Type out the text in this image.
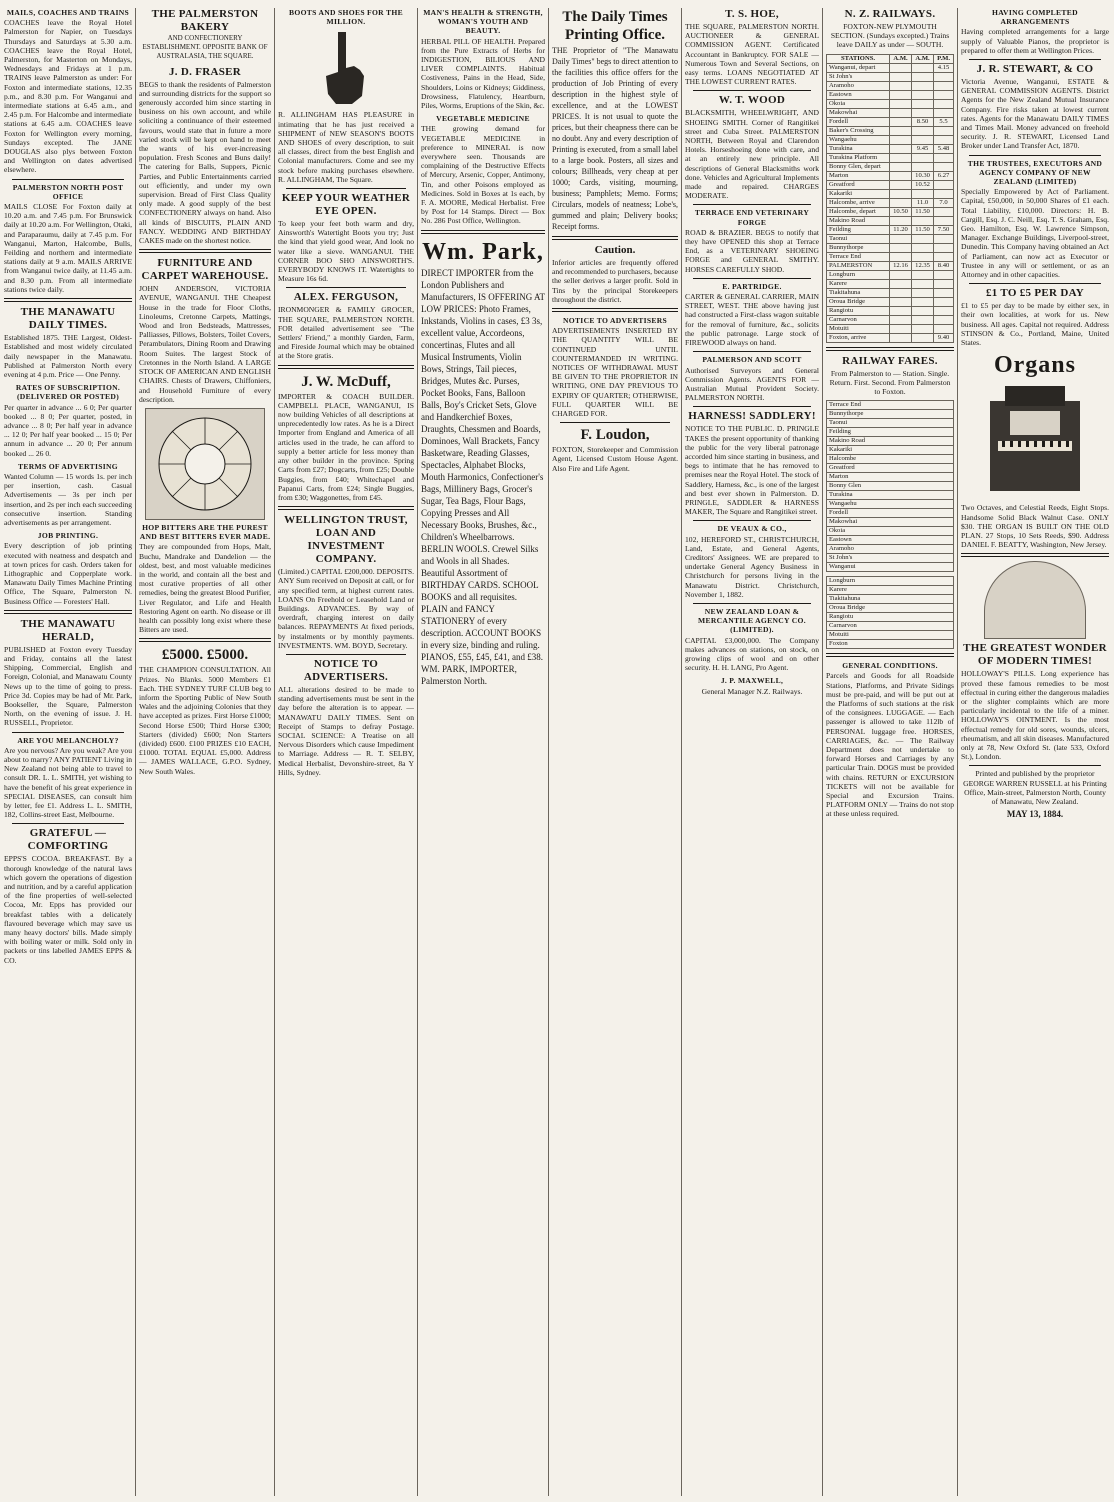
MAILS, COACHES AND TRAINS
COACHES leave the Royal Hotel Palmerston for Napier, on Tuesdays Thursdays and Saturdays at 5.30 a.m. COACHES leave the Royal Hotel, Palmerston, for Masterton on Mondays, Wednesdays and Fridays at 1 p.m. TRAINS leave Palmerston as under: For Foxton and intermediate stations, 12.35 p.m., and 8.30 p.m. For Wanganui and intermediate stations at 6.45 a.m., and 2.45 p.m. For Halcombe and intermediate stations at 6.45 a.m. COACHES leave Foxton for Wellington every morning, Sundays excepted. The JANE DOUGLAS also plys between Foxton and Wellington on dates advertised elsewhere.
PALMERSTON NORTH POST OFFICE
MAILS CLOSE For Foxton daily at 10.20 a.m. and 7.45 p.m. For Brunswick daily at 10.20 a.m. For Wellington, Otaki, and Paraparaumu, daily at 7.45 p.m. For Wanganui, Marton, Halcombe, Bulls, Feilding and northern and intermediate stations daily at 9 a.m. MAILS ARRIVE from Wanganui twice daily, at 11.45 a.m. and 8.30 p.m. From all intermediate stations twice daily.
THE MANAWATU DAILY TIMES.
Established 1875. THE Largest, Oldest-Established and most widely circulated daily newspaper in the Manawatu. Published at Palmerston North every evening at 4 p.m. Price — One Penny.
RATES OF SUBSCRIPTION. (DELIVERED OR POSTED)
Per quarter in advance ... 6 0; Per quarter booked ... 8 0; Per quarter, posted, in advance ... 8 0; Per half year in advance ... 12 0; Per half year booked ... 15 0; Per annum in advance ... 20 0; Per annum booked ... 26 0.
TERMS OF ADVERTISING
Wanted Column — 15 words 1s. per inch per insertion, cash. Casual Advertisements — 3s per inch per insertion, and 2s per inch each succeeding consecutive insertion. Standing advertisements as per arrangement.
JOB PRINTING.
Every description of job printing executed with neatness and despatch and at town prices for cash. Orders taken for Lithographic and Copperplate work. Manawatu Daily Times Machine Printing Office, The Square, Palmerston N. Business Office — Foresters' Hall.
THE MANAWATU HERALD,
PUBLISHED at Foxton every Tuesday and Friday, contains all the latest Shipping, Commercial, English and Foreign, Colonial, and Manawatu County News up to the time of going to press. Price 3d. Copies may be had of Mr. Park, Bookseller, the Square, Palmerston North, on the evening of issue. J. H. RUSSELL, Proprietor.
ARE YOU MELANCHOLY?
Are you nervous? Are you weak? Are you about to marry? ANY PATIENT Living in New Zealand not being able to travel to consult DR. L. L. SMITH, yet wishing to have the benefit of his great experience in SPECIAL DISEASES, can consult him by letter, fee £1. Address L. L. SMITH, 182, Collins-street East, Melbourne.
GRATEFUL — COMFORTING
EPPS'S COCOA. BREAKFAST. By a thorough knowledge of the natural laws which govern the operations of digestion and nutrition, and by a careful application of the fine properties of well-selected Cocoa, Mr. Epps has provided our breakfast tables with a delicately flavoured beverage which may save us many heavy doctors' bills. Made simply with boiling water or milk. Sold only in packets or tins labelled JAMES EPPS & CO.
THE PALMERSTON BAKERY
AND CONFECTIONERY ESTABLISHMENT. OPPOSITE BANK OF AUSTRALASIA, THE SQUARE.
J. D. FRASER
BEGS to thank the residents of Palmerston and surrounding districts for the support so generously accorded him since starting in business on his own account, and while soliciting a continuance of their esteemed favours, would state that in future a more varied stock will be kept on hand to meet the wants of his ever-increasing population. Fresh Scones and Buns daily! The catering for Balls, Suppers, Picnic Parties, and Public Entertainments carried out efficiently, and under my own supervision. Bread of First Class Quality only made. A good supply of the best CONFECTIONERY always on hand. Also all kinds of BISCUITS, PLAIN AND FANCY. WEDDING AND BIRTHDAY CAKES made on the shortest notice.
FURNITURE AND CARPET WAREHOUSE.
JOHN ANDERSON, VICTORIA AVENUE, WANGANUI. THE Cheapest House in the trade for Floor Cloths, Linoleums, Cretonne Carpets, Mattings, Wood and Iron Bedsteads, Mattresses, Palliasses, Pillows, Bolsters, Toilet Covers, Perambulators, Dining Room and Drawing Room Suites. The largest Stock of Cretonnes in the North Island. A LARGE STOCK OF AMERICAN AND ENGLISH CHAIRS. Chests of Drawers, Chiffoniers, and Household Furniture of every description.
HOP BITTERS ARE THE PUREST AND BEST BITTERS EVER MADE.
They are compounded from Hops, Malt, Buchu, Mandrake and Dandelion — the oldest, best, and most valuable medicines in the world, and contain all the best and most curative properties of all other remedies, being the greatest Blood Purifier, Liver Regulator, and Life and Health Restoring Agent on earth. No disease or ill health can possibly long exist where these Bitters are used.
£5000. £5000.
THE CHAMPION CONSULTATION. All Prizes. No Blanks. 5000 Members £1 Each. THE SYDNEY TURF CLUB beg to inform the Sporting Public of New South Wales and the adjoining Colonies that they have accepted as prizes. First Horse £1000; Second Horse £500; Third Horse £300; Starters (divided) £600; Non Starters (divided) £600. £100 PRIZES £10 EACH, £1000. TOTAL EQUAL £5,000. Address — JAMES WALLACE, G.P.O. Sydney, New South Wales.
BOOTS AND SHOES FOR THE MILLION.
R. ALLINGHAM HAS PLEASURE in intimating that he has just received a SHIPMENT of NEW SEASON'S BOOTS AND SHOES of every description, to suit all classes, direct from the best English and Colonial manufacturers. Come and see my stock before making purchases elsewhere. R. ALLINGHAM, The Square.
KEEP YOUR WEATHER EYE OPEN.
To keep your feet both warm and dry, Ainsworth's Watertight Boots you try; Just the kind that yield good wear, And look no water like a sieve. WANGANUI. THE CORNER BOO SHO AINSWORTH'S. EVERYBODY KNOWS IT. Watertights to Measure 16s 6d.
ALEX. FERGUSON,
IRONMONGER & FAMILY GROCER, THE SQUARE, PALMERSTON NORTH. FOR detailed advertisement see "The Settlers' Friend," a monthly Garden, Farm, and Fireside Journal which may be obtained at the Store gratis.
J. W. McDuff,
IMPORTER & COACH BUILDER. CAMPBELL PLACE, WANGANUI, IS now building Vehicles of all descriptions at unprecedentedly low rates. As he is a Direct Importer from England and America of all articles used in the trade, he can afford to supply a better article for less money than any other builder in the province. Spring Carts from £27; Dogcarts, from £25; Double Buggies, from £40; Whitechapel and Papanui Carts, from £24; Single Buggies, from £30; Waggonettes, from £45.
WELLINGTON TRUST, LOAN AND INVESTMENT COMPANY.
(Limited.) CAPITAL £200,000. DEPOSITS. ANY Sum received on Deposit at call, or for any specified term, at highest current rates. LOANS On Freehold or Leasehold Land or Buildings. ADVANCES. By way of overdraft, charging interest on daily balances. REPAYMENTS At fixed periods, by instalments or by monthly payments. INVESTMENTS. WM. BOYD, Secretary.
NOTICE TO ADVERTISERS.
ALL alterations desired to be made to standing advertisements must be sent in the day before the alteration is to appear. — MANAWATU DAILY TIMES. Sent on Receipt of Stamps to defray Postage. SOCIAL SCIENCE: A Treatise on all Nervous Disorders which cause Impediment to Marriage. Address — R. T. SELBY, Medical Herbalist, Devonshire-street, 8a Y Hills, Sydney.
MAN'S HEALTH & STRENGTH, WOMAN'S YOUTH AND BEAUTY.
HERBAL PILL OF HEALTH. Prepared from the Pure Extracts of Herbs for INDIGESTION, BILIOUS AND LIVER COMPLAINTS. Habitual Costiveness, Pains in the Head, Side, Shoulders, Loins or Kidneys; Giddiness, Drowsiness, Flatulency, Heartburn, Piles, Worms, Eruptions of the Skin, &c.
VEGETABLE MEDICINE
THE growing demand for VEGETABLE MEDICINE in preference to MINERAL is now everywhere seen. Thousands are complaining of the Destructive Effects of Mercury, Arsenic, Copper, Antimony, Tin, and other Poisons employed as Medicines. Sold in Boxes at 1s each, by F. A. MOORE, Medical Herbalist. Free by Post for 14 Stamps. Direct — Box No. 286 Post Office, Wellington.
Wm. Park,
DIRECT IMPORTER from the London Publishers and Manufacturers, IS OFFERING AT LOW PRICES: Photo Frames, Inkstands, Violins in cases, £3 3s, excellent value, Accordeons, concertinas, Flutes and all Musical Instruments, Violin Bows, Strings, Tail pieces, Bridges, Mutes &c. Purses, Pocket Books, Fans, Balloon Balls, Boy's Cricket Sets, Glove and Handkerchief Boxes, Draughts, Chessmen and Boards, Dominoes, Wall Brackets, Fancy Basketware, Reading Glasses, Spectacles, Alphabet Blocks, Mouth Harmonics, Confectioner's Bags, Millinery Bags, Grocer's Sugar, Tea Bags, Flour Bags, Copying Presses and All Necessary Books, Brushes, &c., Children's Wheelbarrows. BERLIN WOOLS. Crewel Silks and Wools in all Shades. Beautiful Assortment of BIRTHDAY CARDS. SCHOOL BOOKS and all requisites. PLAIN and FANCY STATIONERY of every description. ACCOUNT BOOKS in every size, binding and ruling. PIANOS, £55, £45, £41, and £38. WM. PARK, IMPORTER, Palmerston North.
The Daily Times Printing Office.
THE Proprietor of "The Manawatu Daily Times" begs to direct attention to the facilities this office offers for the production of Job Printing of every description in the highest style of excellence, and at the LOWEST PRICES. It is not usual to quote the prices, but their cheapness there can be no doubt. Any and every description of Printing is executed, from a small label to a large book. Posters, all sizes and colours; Billheads, very cheap at per 1000; Cards, visiting, mourning, business; Pamphlets; Memo. Forms; Circulars, models of neatness; Lobe's, gummed and plain; Delivery books; Receipt forms.
Caution.
Inferior articles are frequently offered and recommended to purchasers, because the seller derives a larger profit. Sold in Tins by the principal Storekeepers throughout the district.
NOTICE TO ADVERTISERS
ADVERTISEMENTS INSERTED BY THE QUANTITY WILL BE CONTINUED UNTIL COUNTERMANDED IN WRITING. NOTICES OF WITHDRAWAL MUST BE GIVEN TO THE PROPRIETOR IN WRITING, ONE DAY PREVIOUS TO EXPIRY OF QUARTER; OTHERWISE, FULL QUARTER WILL BE CHARGED FOR.
F. Loudon,
FOXTON, Storekeeper and Commission Agent, Licensed Custom House Agent. Also Fire and Life Agent.
T. S. HOE,
THE SQUARE, PALMERSTON NORTH. AUCTIONEER & GENERAL COMMISSION AGENT. Certificated Accountant in Bankruptcy. FOR SALE — Numerous Town and Several Sections, on easy terms. LOANS NEGOTIATED AT THE LOWEST CURRENT RATES.
W. T. WOOD
BLACKSMITH, WHEELWRIGHT, AND SHOEING SMITH. Corner of Rangitikei street and Cuba Street. PALMERSTON NORTH, Between Royal and Clarendon Hotels. Horseshoeing done with care, and at an entirely new principle. All descriptions of General Blacksmiths work done. Vehicles and Agricultural Implements made and repaired. CHARGES MODERATE.
TERRACE END VETERINARY FORGE
ROAD & BRAZIER. BEGS to notify that they have OPENED this shop at Terrace End, as a VETERINARY SHOEING FORGE and GENERAL SMITHY. HORSES CAREFULLY SHOD.
E. PARTRIDGE.
CARTER & GENERAL CARRIER, MAIN STREET, WEST. THE above having just had constructed a First-class wagon suitable for the removal of furniture, &c., solicits the public patronage. Large stock of FIREWOOD always on hand.
PALMERSON AND SCOTT
Authorised Surveyors and General Commission Agents. AGENTS FOR — Australian Mutual Provident Society. PALMERSTON NORTH.
HARNESS! SADDLERY!
NOTICE TO THE PUBLIC. D. PRINGLE TAKES the present opportunity of thanking the public for the very liberal patronage accorded him since starting in business, and begs to intimate that he has removed to premises near the Royal Hotel. The stock of Saddlery, Harness, &c., is one of the largest and best ever shown in Palmerston. D. PRINGLE, SADDLER & HARNESS MAKER, The Square and Rangitikei street.
DE VEAUX & CO.,
102, HEREFORD ST., CHRISTCHURCH, Land, Estate, and General Agents, Creditors' Assignees. WE are prepared to undertake General Agency Business in Christchurch for persons living in the Manawatu District. Christchurch, November 1, 1882.
NEW ZEALAND LOAN & MERCANTILE AGENCY CO. (LIMITED).
CAPITAL £3,000,000. The Company makes advances on stations, on stock, on growing clips of wool and on other security. H. H. LANG, Pro Agent.
J. P. MAXWELL,
General Manager N.Z. Railways.
N. Z. RAILWAYS.
FOXTON-NEW PLYMOUTH SECTION. (Sundays excepted.) Trains leave DAILY as under — SOUTH.
STATIONS.	A.M.	A.M.	P.M.
Wanganui, depart			4.15
St John's			
Aramoho			
Eastown			
Okoia			
Makowhai			
Fordell		8.50	5.5
Baker's Crossing			
Wangaehu			
Turakina		9.45	5.48
Turakina Platform			
Bonny Glen, depart			
Marton		10.30	6.27
Greatford		10.52	
Kakariki			
Halcombe, arrive		11.0	7.0
Halcombe, depart	10.50	11.50	
Makino Road			
Feilding	11.20	11.50	7.50
Taonui			
Bunnythorpe			
Terrace End			
PALMERSTON	12.16	12.35	8.40
Longburn			
Karere			
Tiakitahuna			
Oroua Bridge			
Rangiotu			
Carnarvon			
Motuiti			
Foxton, arrive			9.40
RAILWAY FARES.
From Palmerston to — Station. Single. Return. First. Second. From Palmerston to Foxton.
Terrace End
Bunnythorpe
Taonui
Feilding
Makino Road
Kakariki
Halcombe
Greatford
Marton
Bonny Glen
Turakina
Wangaehu
Fordell
Makowhai
Okoia
Eastown
Aramoho
St John's
Wanganui
Longburn
Karere
Tiakitahuna
Oroua Bridge
Rangiotu
Carnarvon
Motuiti
Foxton
GENERAL CONDITIONS.
Parcels and Goods for all Roadside Stations, Platforms, and Private Sidings must be pre-paid, and will be put out at the Platforms of such stations at the risk of the consignees. LUGGAGE. — Each passenger is allowed to take 112lb of PERSONAL luggage free. HORSES, CARRIAGES, &c. — The Railway Department does not undertake to forward Horses and Carriages by any particular Train. DOGS must be provided with chains. RETURN or EXCURSION TICKETS will not be available for Special and Excursion Trains. PLATFORM ONLY — Trains do not stop at these unless required.
HAVING COMPLETED ARRANGEMENTS
Having completed arrangements for a large supply of Valuable Pianos, the proprietor is prepared to offer them at Wellington Prices.
J. R. STEWART, & CO
Victoria Avenue, Wanganui, ESTATE & GENERAL COMMISSION AGENTS. District Agents for the New Zealand Mutual Insurance Company. Fire risks taken at lowest current rates. Agents for the Manawatu DAILY TIMES and Times Mail. Money advanced on freehold security. J. R. STEWART, Licensed Land Broker under Land Transfer Act, 1870.
THE TRUSTEES, EXECUTORS AND AGENCY COMPANY OF NEW ZEALAND (LIMITED)
Specially Empowered by Act of Parliament. Capital, £50,000, in 50,000 Shares of £1 each. Total Liability, £10,000. Directors: H. B. Cargill, Esq. J. C. Neill, Esq. T. S. Graham, Esq. Geo. Hamilton, Esq. W. Lawrence Simpson, Manager. Exchange Buildings, Liverpool-street, Dunedin. This Company having obtained an Act of Parliament, can now act as Executor or Trustee in any will or settlement, or as an Attorney and in other capacities.
£1 TO £5 PER DAY
£1 to £5 per day to be made by either sex, in their own localities, at work for us. New business. All ages. Capital not required. Address STINSON & Co., Portland, Maine, United States.
Organs
Two Octaves, and Celestial Reeds, Eight Stops. Handsome Solid Black Walnut Case. ONLY $30. THE ORGAN IS BUILT ON THE OLD PLAN. 27 Stops, 10 Sets Reeds, $90. Address DANIEL F. BEATTY, Washington, New Jersey.
THE GREATEST WONDER OF MODERN TIMES!
HOLLOWAY'S PILLS. Long experience has proved these famous remedies to be most effectual in curing either the dangerous maladies or the slighter complaints which are more particularly incidental to the life of a miner. HOLLOWAY'S OINTMENT. Is the most effectual remedy for old sores, wounds, ulcers, rheumatism, and all skin diseases. Manufactured only at 78, New Oxford St. (late 533, Oxford St.), London.
Printed and published by the proprietor GEORGE WARREN RUSSELL at his Printing Office, Main-street, Palmerston North, County of Manawatu, New Zealand.
MAY 13, 1884.
